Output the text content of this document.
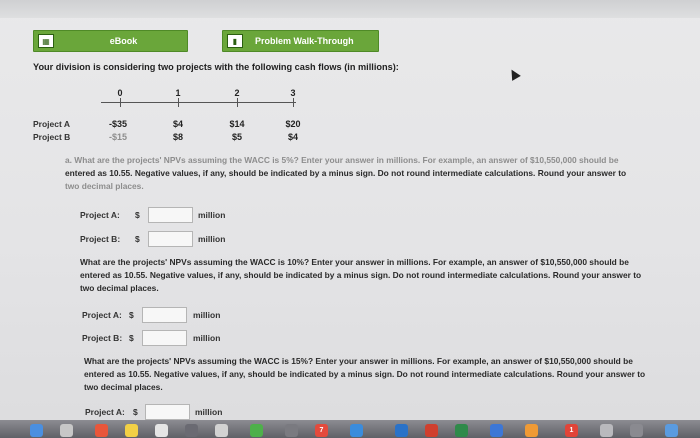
▦	eBook	▮	Problem Walk-Through
Your division is considering two projects with the following cash flows (in millions):
0	1	2	3
Project A	-$35	$4	$14	$20
Project B	-$15	$8	$5	$4
a. What are the projects' NPVs assuming the WACC is 5%? Enter your answer in millions. For example, an answer of $10,550,000 should be
entered as 10.55. Negative values, if any, should be indicated by a minus sign. Do not round intermediate calculations. Round your answer to
two decimal places.
Project A: $	million
Project B: $	million
What are the projects' NPVs assuming the WACC is 10%? Enter your answer in millions. For example, an answer of $10,550,000 should be
entered as 10.55. Negative values, if any, should be indicated by a minus sign. Do not round intermediate calculations. Round your answer to
two decimal places.
Project A: $	million
Project B: $	million
What are the projects' NPVs assuming the WACC is 15%? Enter your answer in millions. For example, an answer of $10,550,000 should be
entered as 10.55. Negative values, if any, should be indicated by a minus sign. Do not round intermediate calculations. Round your answer to
two decimal places.
Project A: $	million
7	1
